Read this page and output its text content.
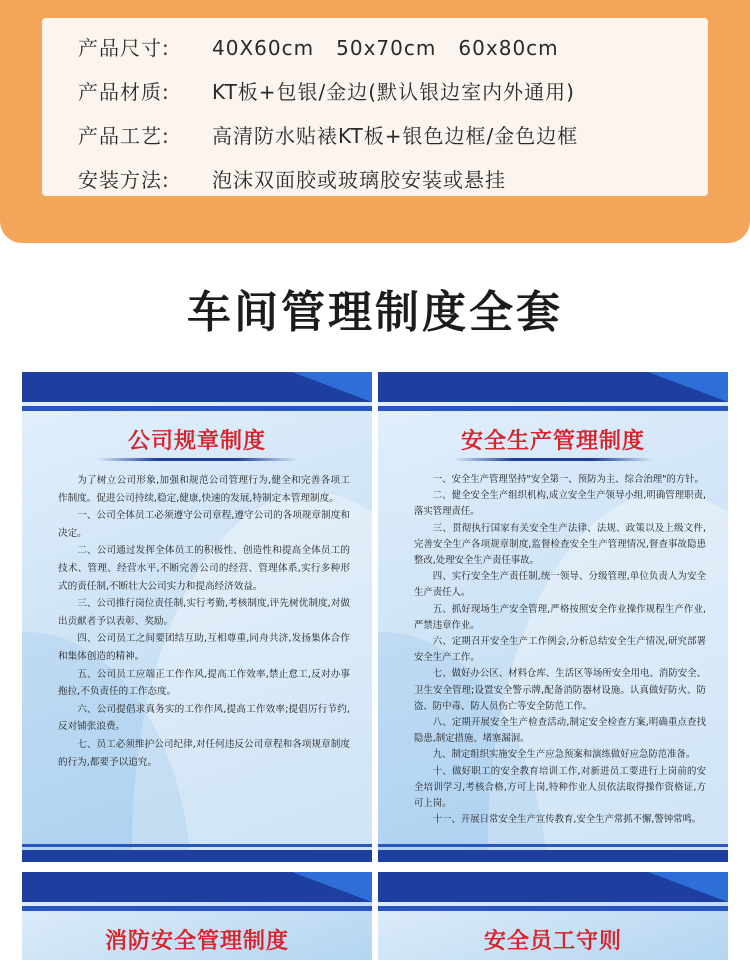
产品尺寸: 40X60cm   50x70cm   60x80cm
产品材质: KT板+包银/金边(默认银边室内外通用)
产品工艺: 高清防水贴裱KT板+银色边框/金色边框
安装方法: 泡沫双面胶或玻璃胶安装或悬挂
车间管理制度全套
公司规章制度

为了树立公司形象,加强和规范公司管理行为,健全和完善各项工作制度。促进公司持续,稳定,健康,快速的发展,特制定本管理制度。

一、公司全体员工必须遵守公司章程,遵守公司的各项规章制度和决定。

二、公司通过发挥全体员工的积极性、创造性和提高全体员工的技术、管理、经营水平,不断完善公司的经营、管理体系,实行多种形式的责任制,不断壮大公司实力和提高经济效益。

三、公司推行岗位责任制,实行考勤,考核制度,评先树优制度,对做出贡献者予以表彰、奖励。

四、公司员工之间要团结互助,互相尊重,同舟共济,发扬集体合作和集体创造的精神。

五、公司员工应端正工作作风,提高工作效率,禁止怠工,反对办事拖拉,不负责任的工作态度。

六、公司提倡求真务实的工作作风,提高工作效率;提倡厉行节约,反对铺张浪费。

七、员工必须维护公司纪律,对任何违反公司章程和各项规章制度的行为,都要予以追究。

安全生产管理制度

一、安全生产管理坚持"安全第一、预防为主、综合治理"的方针。

二、健全安全生产组织机构,成立安全生产领导小组,明确管理职责,落实管理责任。

三、贯彻执行国家有关安全生产法律、法规、政策以及上级文件,完善安全生产各项规章制度,监督检查安全生产管理情况,督查事故隐患整改,处理安全生产责任事故。

四、实行安全生产责任制,统一领导、分级管理,单位负责人为安全生产责任人。

五、抓好现场生产安全管理,严格按照安全作业操作规程生产作业,严禁违章作业。

六、定期召开安全生产工作例会,分析总结安全生产情况,研究部署安全生产工作。

七、做好办公区、材料仓库、生活区等场所安全用电、消防安全、卫生安全管理;设置安全警示牌,配备消防器材设施。认真做好防火、防盗、防中毒、防人员伤亡等安全防范工作。

八、定期开展安全生产检查活动,制定安全检查方案,明确重点查找隐患,制定措施、堵塞漏洞。

九、制定组织实施安全生产应急预案和演练做好应急防范准备。

十、做好职工的安全教育培训工作,对新进员工要进行上岗前的安全培训学习,考核合格,方可上岗,特种作业人员依法取得操作资格证,方可上岗。

十一、开展日常安全生产宣传教育,安全生产常抓不懈,警钟常鸣。

消防安全管理制度	安全员工守则
